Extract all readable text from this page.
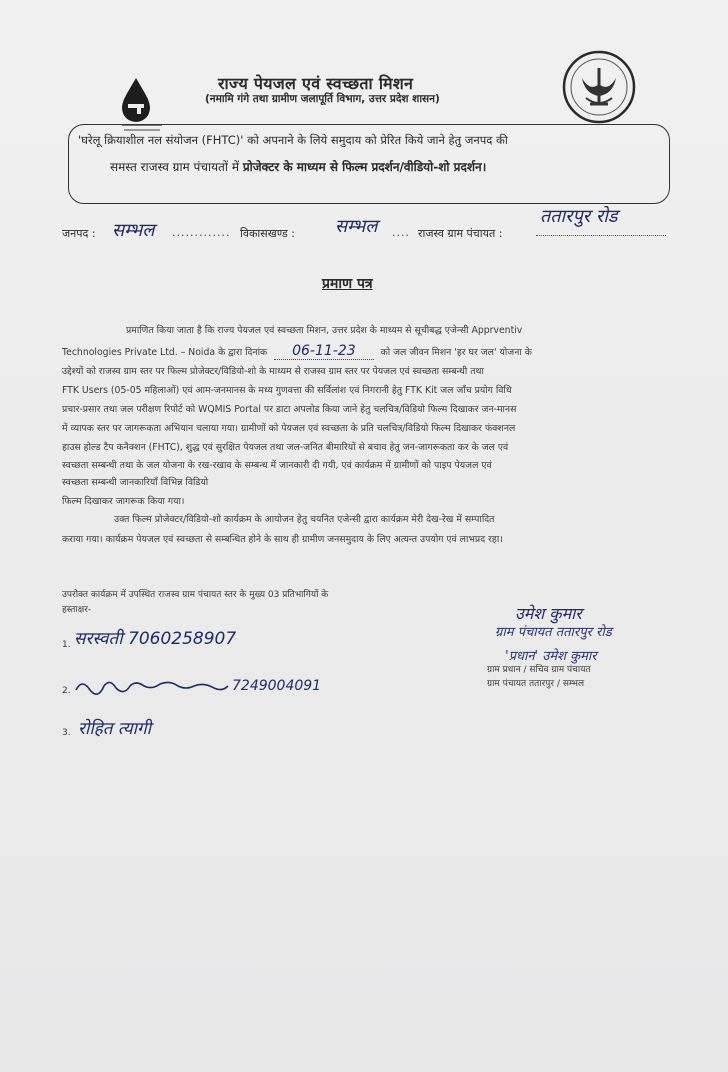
राज्य पेयजल एवं स्वच्छता मिशन
(नमामि गंगे तथा ग्रामीण जलापूर्ति विभाग, उत्तर प्रदेश शासन)
'घरेलू क्रियाशील नल संयोजन (FHTC)' को अपनाने के लिये समुदाय को प्रेरित किये जाने हेतु जनपद की
समस्त राजस्व ग्राम पंचायतों में प्रोजेक्टर के माध्यम से फिल्म प्रदर्शन/वीडियो-शो प्रदर्शन।
जनपद : सम्भल ............. विकासखण्ड : सम्भल .... राजस्व ग्राम पंचायत :
ततारपुर रोड
प्रमाण पत्र
प्रमाणित किया जाता है कि राज्य पेयजल एवं स्वच्छता मिशन, उत्तर प्रदेश के माध्यम से सूचीबद्ध एजेन्सी Apprventiv
Technologies Private Ltd. – Noida के द्वारा दिनांक 06-11-23	को जल जीवन मिशन 'हर घर जल' योजना के
उद्देश्यों को राजस्व ग्राम स्तर पर फिल्म प्रोजेक्टर/विडियो-शो के माध्यम से राजस्व ग्राम स्तर पर पेयजल एवं स्वच्छता सम्बन्धी तथा
FTK Users (05-05 महिलाओं) एवं आम-जनमानस के मध्य गुणवत्ता की सर्विलांश एवं निगरानी हेतु FTK Kit जल जाँच प्रयोग विधि
प्रचार-प्रसार तथा जल परीक्षण रिपोर्ट को WQMIS Portal पर डाटा अपलोड किया जाने हेतु चलचित्र/विडियो फिल्म दिखाकर जन-मानस
में व्यापक स्तर पर जागरूकता अभियान चलाया गया। ग्रामीणों को पेयजल एवं स्वच्छता के प्रति चलचित्र/विडियो फिल्म दिखाकर फंक्शनल
हाउस होल्ड टैप कनैक्शन (FHTC), शुद्ध एवं सुरक्षित पेयजल तथा जल-जनित बीमारियों से बचाव हेतु जन-जागरूकता कर के जल एवं
स्वच्छता सम्बन्धी तथा के जल योजना के रख-रखाव के सम्बन्ध में जानकारी दी गयी, एवं कार्यक्रम में ग्रामीणों को पाइप पेयजल एवं
स्वच्छता सम्बन्धी जानकारियाँ विभिन्न विडियो
फिल्म दिखाकर जागरूक किया गया।
उक्त फिल्म प्रोजेक्टर/विडियो-शो कार्यक्रम के आयोजन हेतु चयनित एजेन्सी द्वारा कार्यक्रम मेरी देख-रेख में सम्पादित
कराया गया। कार्यक्रम पेयजल एवं स्वच्छता से सम्बन्धित होने के साथ ही ग्रामीण जनसमुदाय के लिए अत्यन्त उपयोग एवं लाभप्रद रहा।
उपरोक्त कार्यक्रम में उपस्थित राजस्व ग्राम पंचायत स्तर के मुख्य 03 प्रतिभागियों के
हस्ताक्षर-
1. सरस्वती 7060258907
2.	7249004091
3. रोहित त्यागी
उमेश कुमार
ग्राम पंचायत ततारपुर रोड
'प्रधान' उमेश कुमार
ग्राम प्रधान / सचिव ग्राम पंचायत
ग्राम पंचायत ततारपुर / सम्भल
